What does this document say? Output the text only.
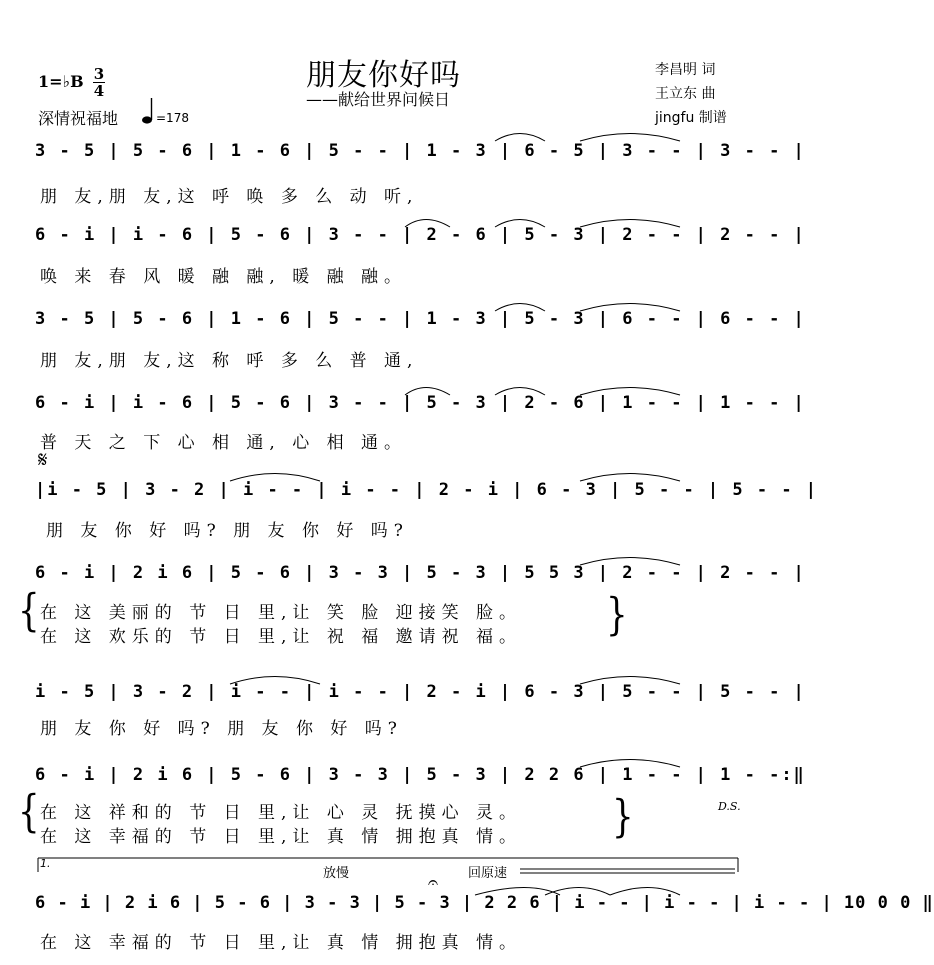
朋友你好吗
——献给世界问候日
1=♭B 3
4
深情祝福地	=178
李昌明 词
王立东 曲
jingfu 制谱
3 - 5 | 5 - 6 | 1 - 6 | 5 - - | 1 - 3 | 6 - 5 | 3 - - | 3 - - |
朋 友,朋 友,这 呼 唤 多 么 动 听,
6 - i | i - 6 | 5 - 6 | 3 - - | 2 - 6 | 5 - 3 | 2 - - | 2 - - |
唤 来 春 风 暖 融 融, 暖 融 融。
3 - 5 | 5 - 6 | 1 - 6 | 5 - - | 1 - 3 | 5 - 3 | 6 - - | 6 - - |
朋 友,朋 友,这 称 呼 多 么 普 通,
6 - i | i - 6 | 5 - 6 | 3 - - | 5 - 3 | 2 - 6 | 1 - - | 1 - - |
普 天 之 下 心 相 通, 心 相 通。
𝄋
|i - 5 | 3 - 2 | i - - | i - - | 2 - i | 6 - 3 | 5 - - | 5 - - |
朋 友 你 好 吗? 朋 友 你 好 吗?
6 - i | 2 i 6 | 5 - 6 | 3 - 3 | 5 - 3 | 5 5 3 | 2 - - | 2 - - |
{ 在 这 美丽的 节 日 里,让 笑 脸 迎接笑 脸。
在 这 欢乐的 节 日 里,让 祝 福 邀请祝 福。 }
i - 5 | 3 - 2 | i - - | i - - | 2 - i | 6 - 3 | 5 - - | 5 - - |
朋 友 你 好 吗? 朋 友 你 好 吗?
6 - i | 2 i 6 | 5 - 6 | 3 - 3 | 5 - 3 | 2 2 6 | 1 - - | 1 - -:‖
D.S.
{ 在 这 祥和的 节 日 里,让 心 灵 抚摸心 灵。
在 这 幸福的 节 日 里,让 真 情 拥抱真 情。	}
1.
放慢	回原速
𝄐
6 - i | 2 i 6 | 5 - 6 | 3 - 3 | 5 - 3 | 2 2 6 | i - - | i - - | i - - | 10 0 0 ‖
在 这 幸福的 节 日 里,让 真 情 拥抱真 情。
